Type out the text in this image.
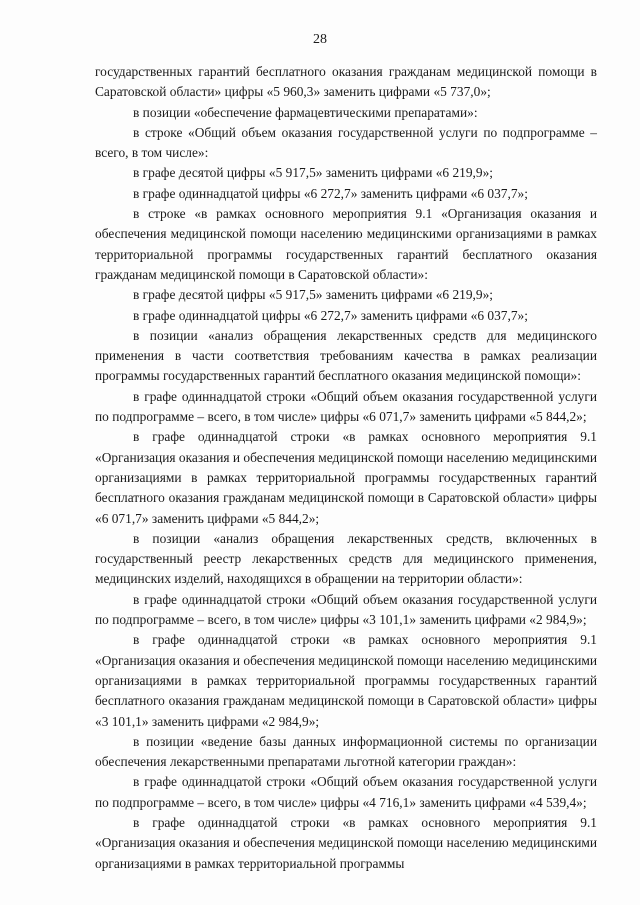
28

государственных гарантий бесплатного оказания гражданам медицинской помощи в Саратовской области» цифры «5 960,3» заменить цифрами «5 737,0»;

в позиции «обеспечение фармацевтическими препаратами»:

в строке «Общий объем оказания государственной услуги по подпрограмме – всего, в том числе»:

в графе десятой цифры «5 917,5» заменить цифрами «6 219,9»;

в графе одиннадцатой цифры «6 272,7» заменить цифрами «6 037,7»;

в строке «в рамках основного мероприятия 9.1 «Организация оказания и обеспечения медицинской помощи населению медицинскими организациями в рамках территориальной программы государственных гарантий бесплатного оказания гражданам медицинской помощи в Саратовской области»:

в графе десятой цифры «5 917,5» заменить цифрами «6 219,9»;

в графе одиннадцатой цифры «6 272,7» заменить цифрами «6 037,7»;

в позиции «анализ обращения лекарственных средств для медицинского применения в части соответствия требованиям качества в рамках реализации программы государственных гарантий бесплатного оказания медицинской помощи»:

в графе одиннадцатой строки «Общий объем оказания государственной услуги по подпрограмме – всего, в том числе» цифры «6 071,7» заменить цифрами «5 844,2»;

в графе одиннадцатой строки «в рамках основного мероприятия 9.1 «Организация оказания и обеспечения медицинской помощи населению медицинскими организациями в рамках территориальной программы государственных гарантий бесплатного оказания гражданам медицинской помощи в Саратовской области» цифры «6 071,7» заменить цифрами «5 844,2»;

в позиции «анализ обращения лекарственных средств, включенных в государственный реестр лекарственных средств для медицинского применения, медицинских изделий, находящихся в обращении на территории области»:

в графе одиннадцатой строки «Общий объем оказания государственной услуги по подпрограмме – всего, в том числе» цифры «3 101,1» заменить цифрами «2 984,9»;

в графе одиннадцатой строки «в рамках основного мероприятия 9.1 «Организация оказания и обеспечения медицинской помощи населению медицинскими организациями в рамках территориальной программы государственных гарантий бесплатного оказания гражданам медицинской помощи в Саратовской области» цифры «3 101,1» заменить цифрами «2 984,9»;

в позиции «ведение базы данных информационной системы по организации обеспечения лекарственными препаратами льготной категории граждан»:

в графе одиннадцатой строки «Общий объем оказания государственной услуги по подпрограмме – всего, в том числе» цифры «4 716,1» заменить цифрами «4 539,4»;

в графе одиннадцатой строки «в рамках основного мероприятия 9.1 «Организация оказания и обеспечения медицинской помощи населению медицинскими организациями в рамках территориальной программы
